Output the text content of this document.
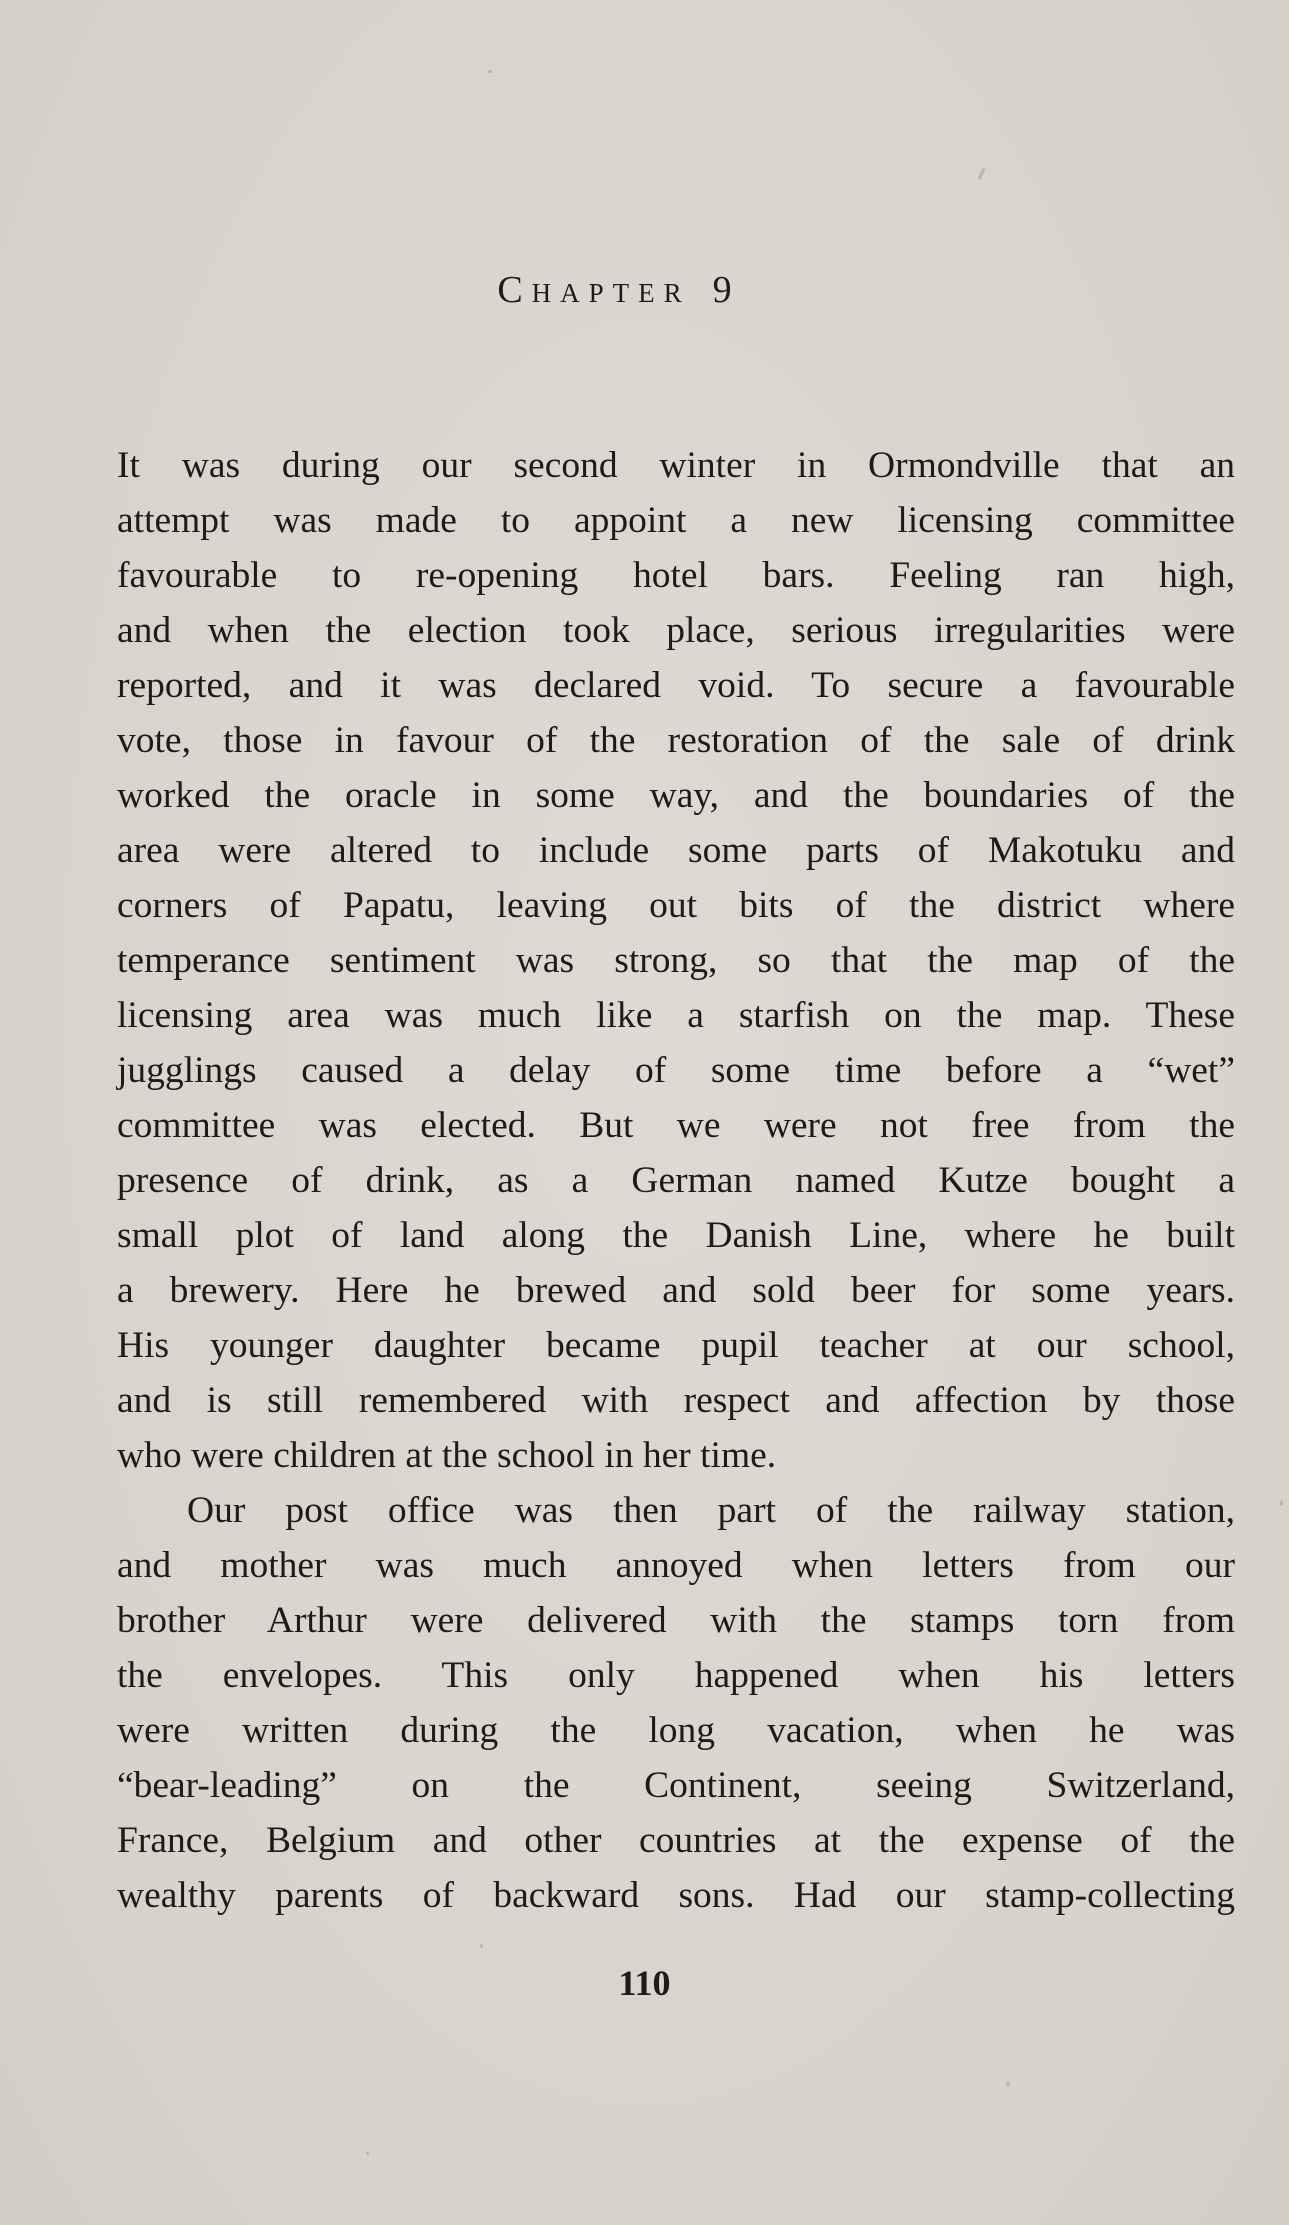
Chapter 9

It was during our second winter in Ormondville that an
attempt was made to appoint a new licensing committee
favourable to re-opening hotel bars. Feeling ran high,
and when the election took place, serious irregularities were
reported, and it was declared void. To secure a favourable
vote, those in favour of the restoration of the sale of drink
worked the oracle in some way, and the boundaries of the
area were altered to include some parts of Makotuku and
corners of Papatu, leaving out bits of the district where
temperance sentiment was strong, so that the map of the
licensing area was much like a starfish on the map. These
jugglings caused a delay of some time before a “wet”
committee was elected. But we were not free from the
presence of drink, as a German named Kutze bought a
small plot of land along the Danish Line, where he built
a brewery. Here he brewed and sold beer for some years.
His younger daughter became pupil teacher at our school,
and is still remembered with respect and affection by those
who were children at the school in her time.

Our post office was then part of the railway station,
and mother was much annoyed when letters from our
brother Arthur were delivered with the stamps torn from
the envelopes. This only happened when his letters
were written during the long vacation, when he was
“bear-leading” on the Continent, seeing Switzerland,
France, Belgium and other countries at the expense of the
wealthy parents of backward sons. Had our stamp-collecting

110
